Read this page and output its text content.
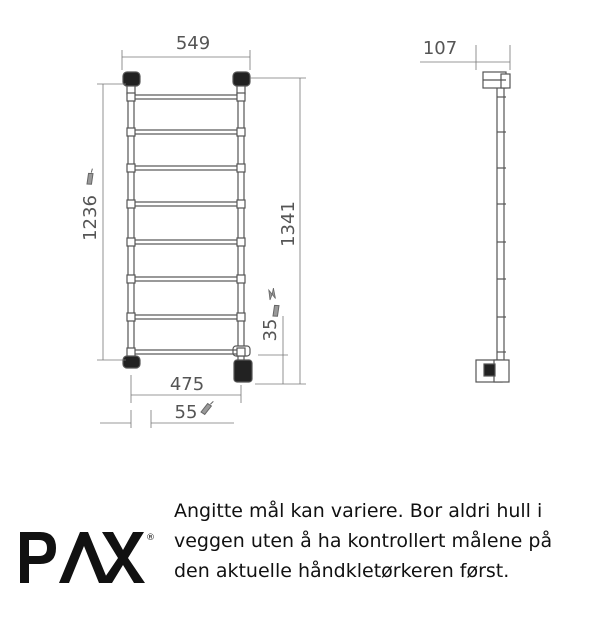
549
1236	1341
35
475
55
107
®

Angitte mål kan variere. Bor aldri hull i
veggen uten å ha kontrollert målene på
den aktuelle håndkletørkeren først.
